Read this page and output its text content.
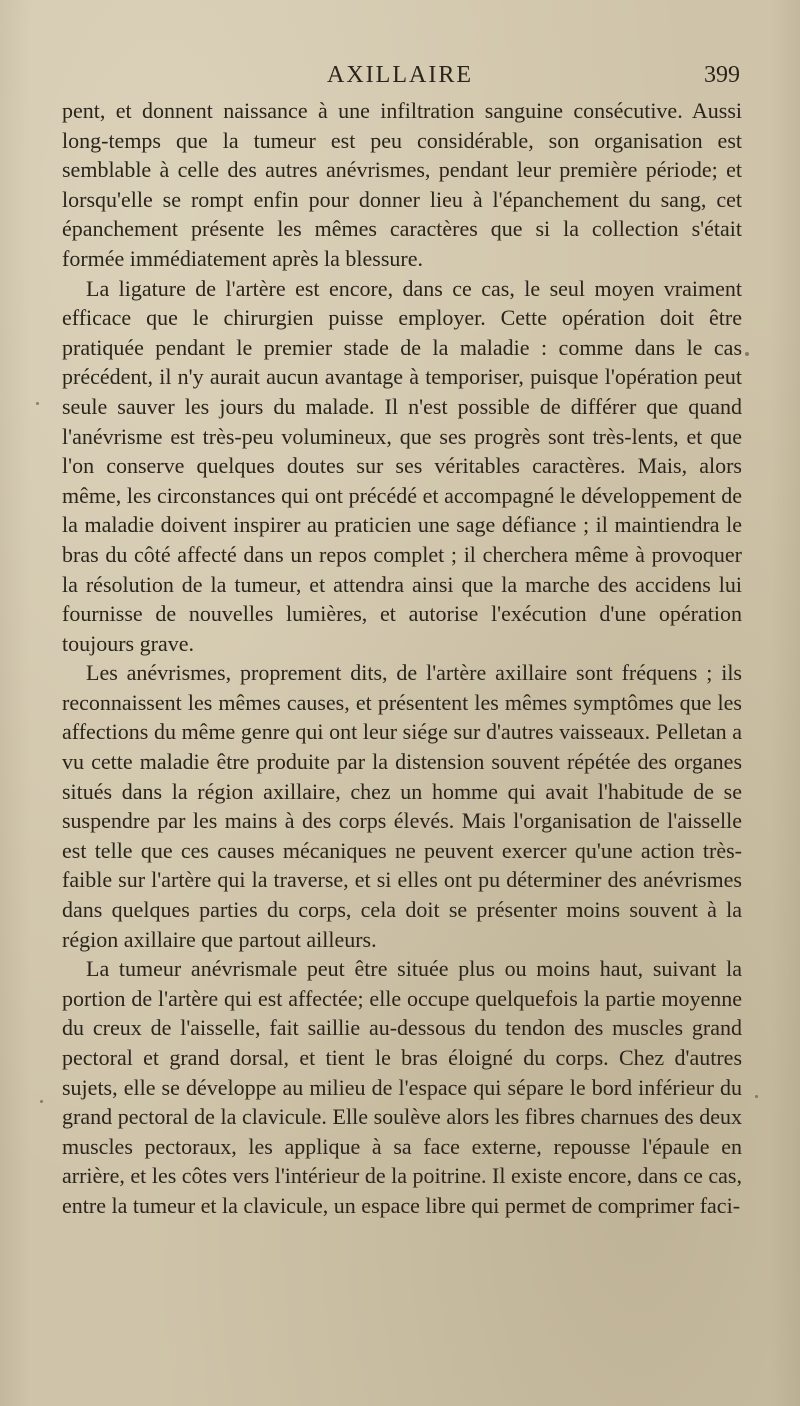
AXILLAIRE	399

pent, et donnent naissance à une infiltration sanguine consécutive. Aussi long-temps que la tumeur est peu considérable, son organisation est semblable à celle des autres anévrismes, pendant leur première période; et lorsqu'elle se rompt enfin pour donner lieu à l'épanchement du sang, cet épanchement présente les mêmes caractères que si la collection s'était formée immédiatement après la blessure.

La ligature de l'artère est encore, dans ce cas, le seul moyen vraiment efficace que le chirurgien puisse employer. Cette opération doit être pratiquée pendant le premier stade de la maladie : comme dans le cas précédent, il n'y aurait aucun avantage à temporiser, puisque l'opération peut seule sauver les jours du malade. Il n'est possible de différer que quand l'anévrisme est très-peu volumineux, que ses progrès sont très-lents, et que l'on conserve quelques doutes sur ses véritables caractères. Mais, alors même, les circonstances qui ont précédé et accompagné le développement de la maladie doivent inspirer au praticien une sage défiance ; il maintiendra le bras du côté affecté dans un repos complet ; il cherchera même à provoquer la résolution de la tumeur, et attendra ainsi que la marche des accidens lui fournisse de nouvelles lumières, et autorise l'exécution d'une opération toujours grave.

Les anévrismes, proprement dits, de l'artère axillaire sont fréquens ; ils reconnaissent les mêmes causes, et présentent les mêmes symptômes que les affections du même genre qui ont leur siége sur d'autres vaisseaux. Pelletan a vu cette maladie être produite par la distension souvent répétée des organes situés dans la région axillaire, chez un homme qui avait l'habitude de se suspendre par les mains à des corps élevés. Mais l'organisation de l'aisselle est telle que ces causes mécaniques ne peuvent exercer qu'une action très-faible sur l'artère qui la traverse, et si elles ont pu déterminer des anévrismes dans quelques parties du corps, cela doit se présenter moins souvent à la région axillaire que partout ailleurs.

La tumeur anévrismale peut être située plus ou moins haut, suivant la portion de l'artère qui est affectée; elle occupe quelquefois la partie moyenne du creux de l'aisselle, fait saillie au-dessous du tendon des muscles grand pectoral et grand dorsal, et tient le bras éloigné du corps. Chez d'autres sujets, elle se développe au milieu de l'espace qui sépare le bord inférieur du grand pectoral de la clavicule. Elle soulève alors les fibres charnues des deux muscles pectoraux, les applique à sa face externe, repousse l'épaule en arrière, et les côtes vers l'intérieur de la poitrine. Il existe encore, dans ce cas, entre la tumeur et la clavicule, un espace libre qui permet de comprimer faci-
